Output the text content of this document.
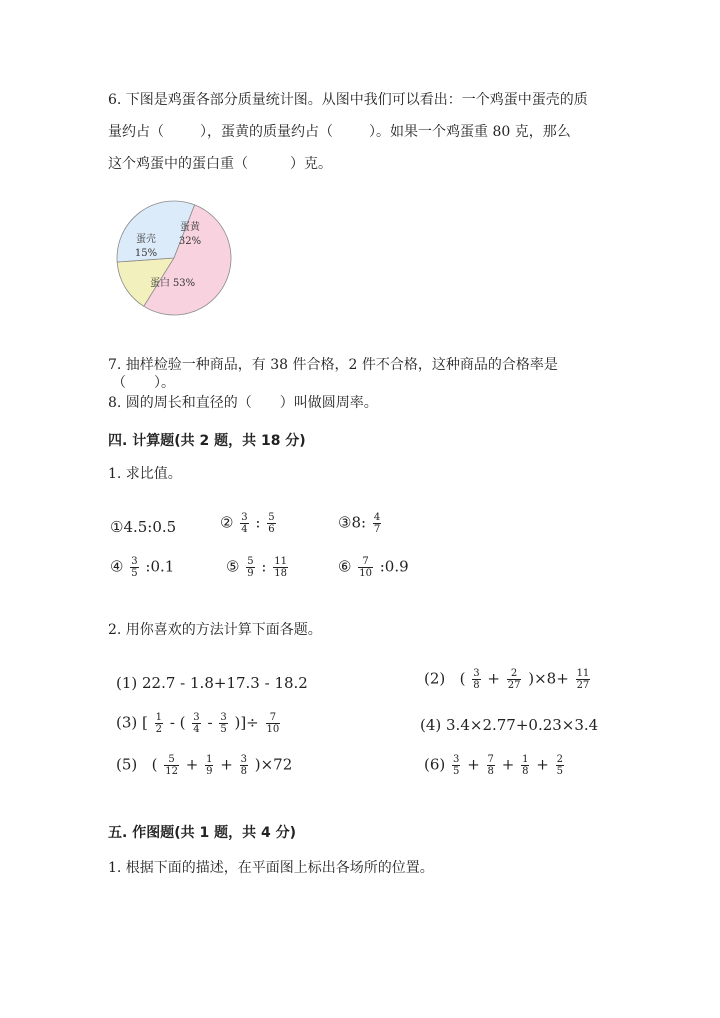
6. 下图是鸡蛋各部分质量统计图。从图中我们可以看出：一个鸡蛋中蛋壳的质
量约占（	），蛋黄的质量约占（	）。如果一个鸡蛋重 80 克，那么
这个鸡蛋中的蛋白重（	）克。
蛋壳
15%
蛋黄
32%
蛋白 53%
7. 抽样检验一种商品，有 38 件合格，2 件不合格，这种商品的合格率是
（　　）。
8. 圆的周长和直径的（　　）叫做圆周率。
四. 计算题(共 2 题，共 18 分)
1. 求比值。
①4.5:0.5	② $\frac{3}{4}$ : $\frac{5}{6}$	③8: $\frac{4}{7}$
④ $\frac{3}{5}$ :0.1	⑤ $\frac{5}{9}$ : $\frac{11}{18}$	⑥ $\frac{7}{10}$ :0.9
2. 用你喜欢的方法计算下面各题。
(1) 22.7 - 1.8+17.3 - 18.2	(2) ( $\frac{3}{8} + \frac{2}{27} )\times 8+ \frac{11}{27}$
(3) [ $\frac{1}{2}$ - ( $\frac{3}{4} - \frac{3}{5}$ )]÷ $\frac{7}{10}$	(4) 3.4×2.77+0.23×3.4
(5) ( $\frac{5}{12} + \frac{1}{9} + \frac{3}{8} )\times 72$	$(6) \frac{3}{5} + \frac{7}{8} + \frac{1}{8} + \frac{2}{5}$
五. 作图题(共 1 题，共 4 分)
1. 根据下面的描述，在平面图上标出各场所的位置。
